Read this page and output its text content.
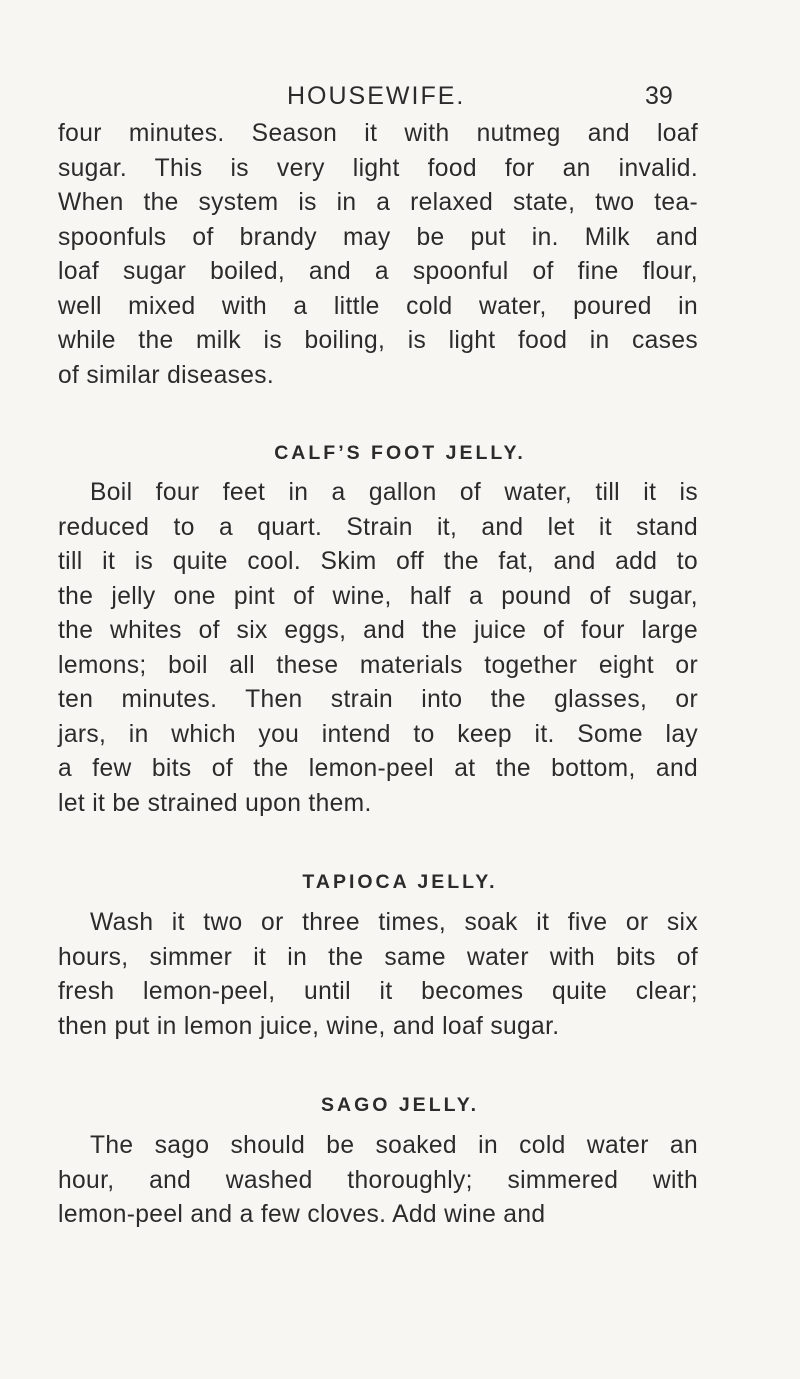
HOUSEWIFE.	39
four minutes. Season it with nutmeg and loaf
sugar. This is very light food for an invalid.
When the system is in a relaxed state, two tea-
spoonfuls of brandy may be put in. Milk and
loaf sugar boiled, and a spoonful of fine flour,
well mixed with a little cold water, poured in
while the milk is boiling, is light food in cases
of similar diseases.
CALF’S FOOT JELLY.
Boil four feet in a gallon of water, till it is
reduced to a quart. Strain it, and let it stand
till it is quite cool. Skim off the fat, and add to
the jelly one pint of wine, half a pound of sugar,
the whites of six eggs, and the juice of four large
lemons; boil all these materials together eight or
ten minutes. Then strain into the glasses, or
jars, in which you intend to keep it. Some lay
a few bits of the lemon-peel at the bottom, and
let it be strained upon them.
TAPIOCA JELLY.
Wash it two or three times, soak it five or six
hours, simmer it in the same water with bits of
fresh lemon-peel, until it becomes quite clear;
then put in lemon juice, wine, and loaf sugar.
SAGO JELLY.
The sago should be soaked in cold water an
hour, and washed thoroughly; simmered with
lemon-peel and a few cloves. Add wine and
